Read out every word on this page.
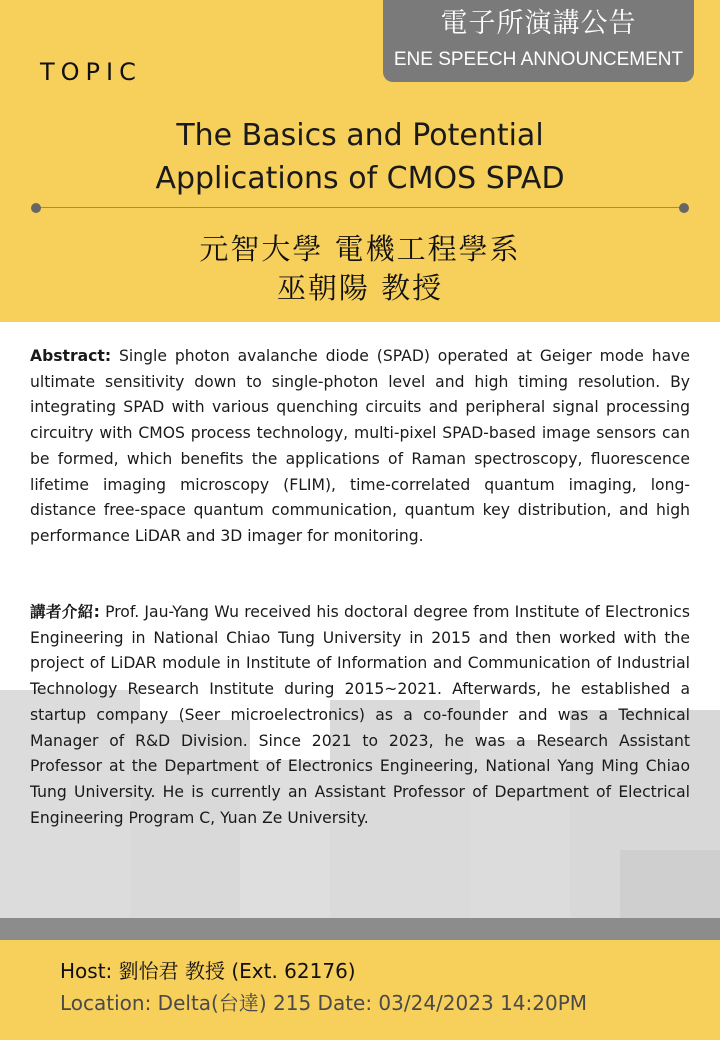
電子所演講公告
ENE SPEECH ANNOUNCEMENT
TOPIC
The Basics and Potential
Applications of CMOS SPAD
元智大學 電機工程學系
巫朝陽 教授
Abstract: Single photon avalanche diode (SPAD) operated at Geiger mode have ultimate sensitivity down to single-photon level and high timing resolution. By integrating SPAD with various quenching circuits and peripheral signal processing circuitry with CMOS process technology, multi-pixel SPAD-based image sensors can be formed, which benefits the applications of Raman spectroscopy, fluorescence lifetime imaging microscopy (FLIM), time-correlated quantum imaging, long-distance free-space quantum communication, quantum key distribution, and high performance LiDAR and 3D imager for monitoring.
講者介紹: Prof. Jau-Yang Wu received his doctoral degree from Institute of Electronics Engineering in National Chiao Tung University in 2015 and then worked with the project of LiDAR module in Institute of Information and Communication of Industrial Technology Research Institute during 2015~2021. Afterwards, he established a startup company (Seer microelectronics) as a co-founder and was a Technical Manager of R&D Division. Since 2021 to 2023, he was a Research Assistant Professor at the Department of Electronics Engineering, National Yang Ming Chiao Tung University. He is currently an Assistant Professor of Department of Electrical Engineering Program C, Yuan Ze University.
Host: 劉怡君 教授 (Ext. 62176)
Location: Delta(台達) 215 Date: 03/24/2023 14:20PM
